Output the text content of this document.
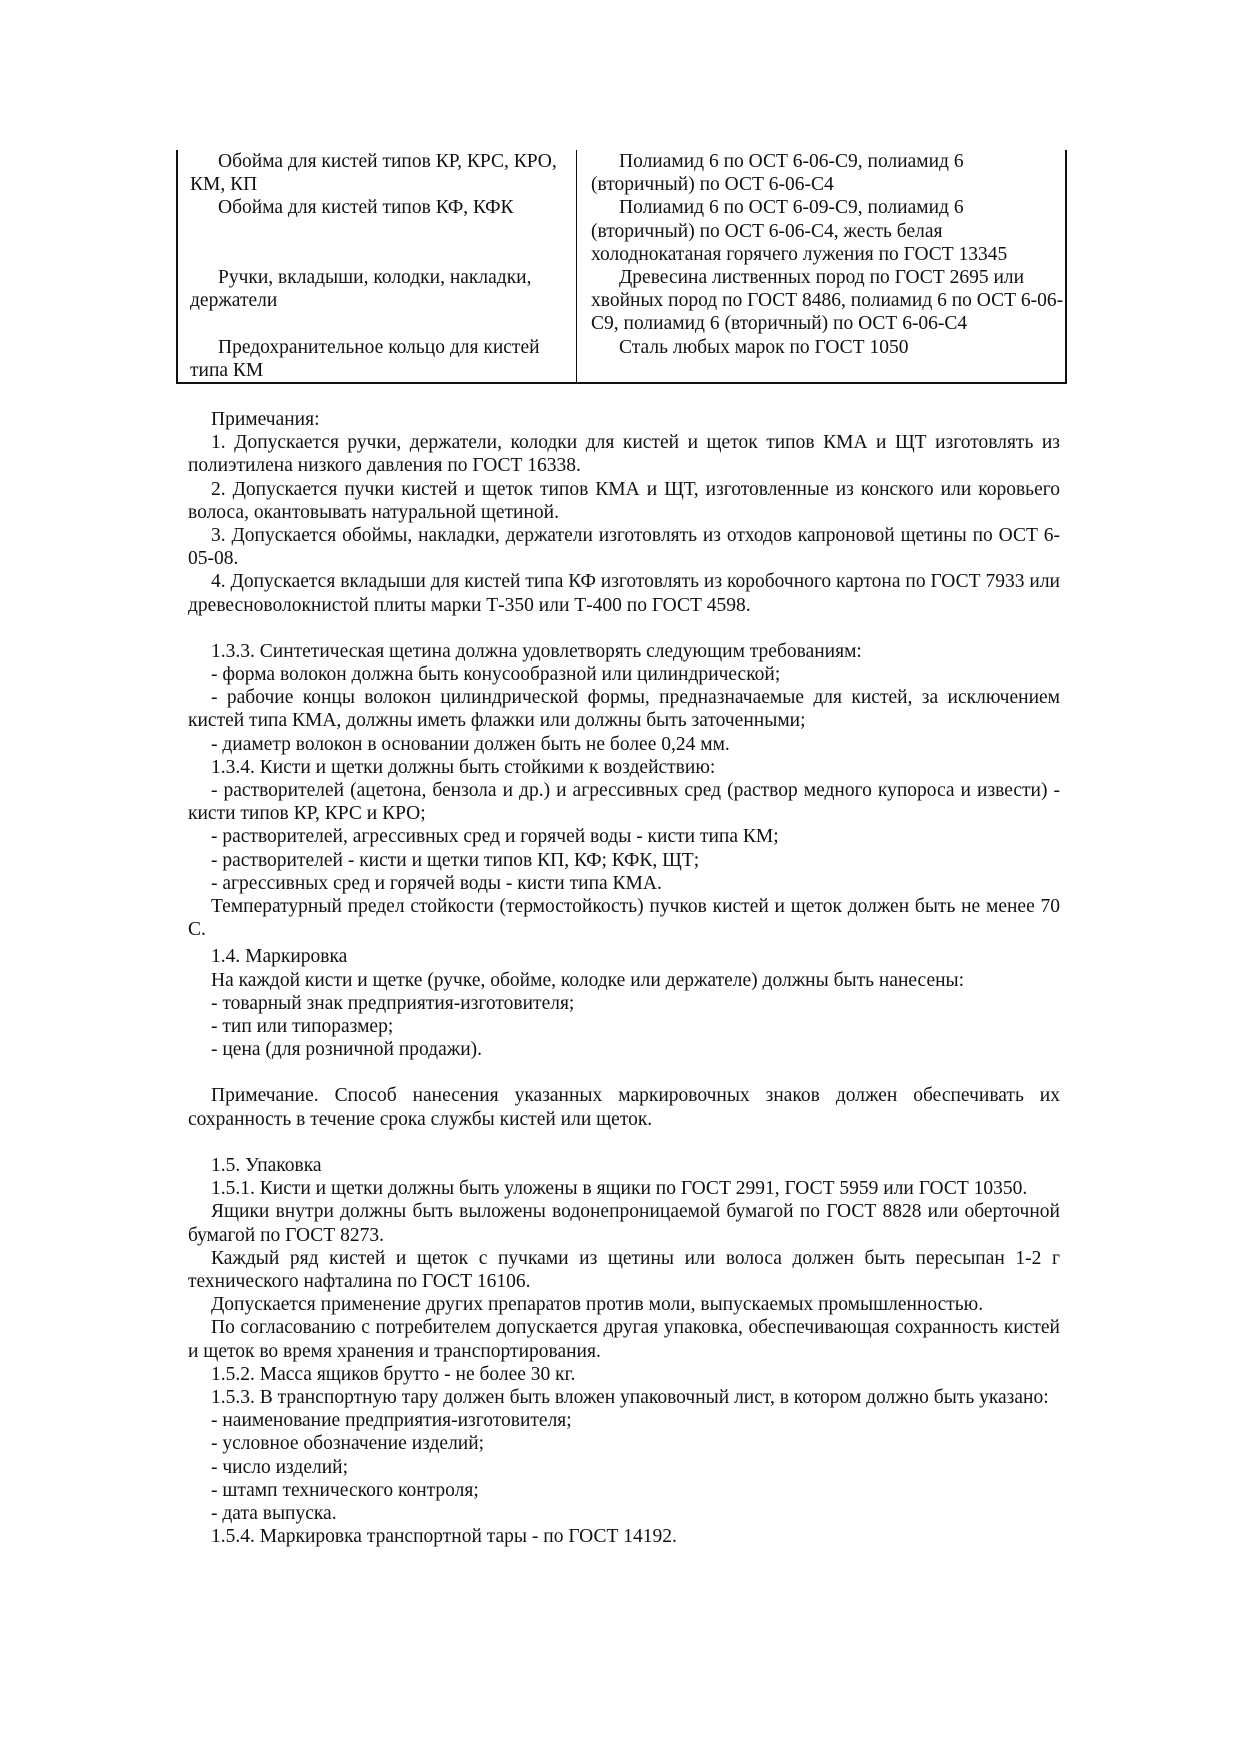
Обойма для кистей типов КР, КРС, КРО, КМ, КП	Полиамид 6 по ОСТ 6-06-С9, полиамид 6 (вторичный) по ОСТ 6-06-С4

Обойма для кистей типов КФ, КФК	Полиамид 6 по ОСТ 6-09-С9, полиамид 6 (вторичный) по ОСТ 6-06-С4, жесть белая холоднокатаная горячего лужения по ГОСТ 13345

Ручки, вкладыши, колодки, накладки, держатели	Древесина лиственных пород по ГОСТ 2695 или хвойных пород по ГОСТ 8486, полиамид 6 по ОСТ 6-06-С9, полиамид 6 (вторичный) по ОСТ 6-06-С4

Предохранительное кольцо для кистей типа КМ	Сталь любых марок по ГОСТ 1050

Примечания:

1. Допускается ручки, держатели, колодки для кистей и щеток типов КМА и ЩТ изготовлять из полиэтилена низкого давления по ГОСТ 16338.

2. Допускается пучки кистей и щеток типов КМА и ЩТ, изготовленные из конского или коровьего волоса, окантовывать натуральной щетиной.

3. Допускается обоймы, накладки, держатели изготовлять из отходов капроновой щетины по ОСТ 6-05-08.

4. Допускается вкладыши для кистей типа КФ изготовлять из коробочного картона по ГОСТ 7933 или древесноволокнистой плиты марки Т-350 или Т-400 по ГОСТ 4598.

1.3.3. Синтетическая щетина должна удовлетворять следующим требованиям:

- форма волокон должна быть конусообразной или цилиндрической;

- рабочие концы волокон цилиндрической формы, предназначаемые для кистей, за исключением кистей типа КМА, должны иметь флажки или должны быть заточенными;

- диаметр волокон в основании должен быть не более 0,24 мм.

1.3.4. Кисти и щетки должны быть стойкими к воздействию:

- растворителей (ацетона, бензола и др.) и агрессивных сред (раствор медного купороса и извести) - кисти типов КР, КРС и КРО;

- растворителей, агрессивных сред и горячей воды - кисти типа КМ;

- растворителей - кисти и щетки типов КП, КФ; КФК, ЩТ;

- агрессивных сред и горячей воды - кисти типа КМА.

Температурный предел стойкости (термостойкость) пучков кистей и щеток должен быть не менее 70 С.

1.4. Маркировка

На каждой кисти и щетке (ручке, обойме, колодке или держателе) должны быть нанесены:

- товарный знак предприятия-изготовителя;

- тип или типоразмер;

- цена (для розничной продажи).

Примечание. Способ нанесения указанных маркировочных знаков должен обеспечивать их сохранность в течение срока службы кистей или щеток.

1.5. Упаковка

1.5.1. Кисти и щетки должны быть уложены в ящики по ГОСТ 2991, ГОСТ 5959 или ГОСТ 10350.

Ящики внутри должны быть выложены водонепроницаемой бумагой по ГОСТ 8828 или оберточной бумагой по ГОСТ 8273.

Каждый ряд кистей и щеток с пучками из щетины или волоса должен быть пересыпан 1-2 г технического нафталина по ГОСТ 16106.

Допускается применение других препаратов против моли, выпускаемых промышленностью.

По согласованию с потребителем допускается другая упаковка, обеспечивающая сохранность кистей и щеток во время хранения и транспортирования.

1.5.2. Масса ящиков брутто - не более 30 кг.

1.5.3. В транспортную тару должен быть вложен упаковочный лист, в котором должно быть указано:

- наименование предприятия-изготовителя;

- условное обозначение изделий;

- число изделий;

- штамп технического контроля;

- дата выпуска.

1.5.4. Маркировка транспортной тары - по ГОСТ 14192.
